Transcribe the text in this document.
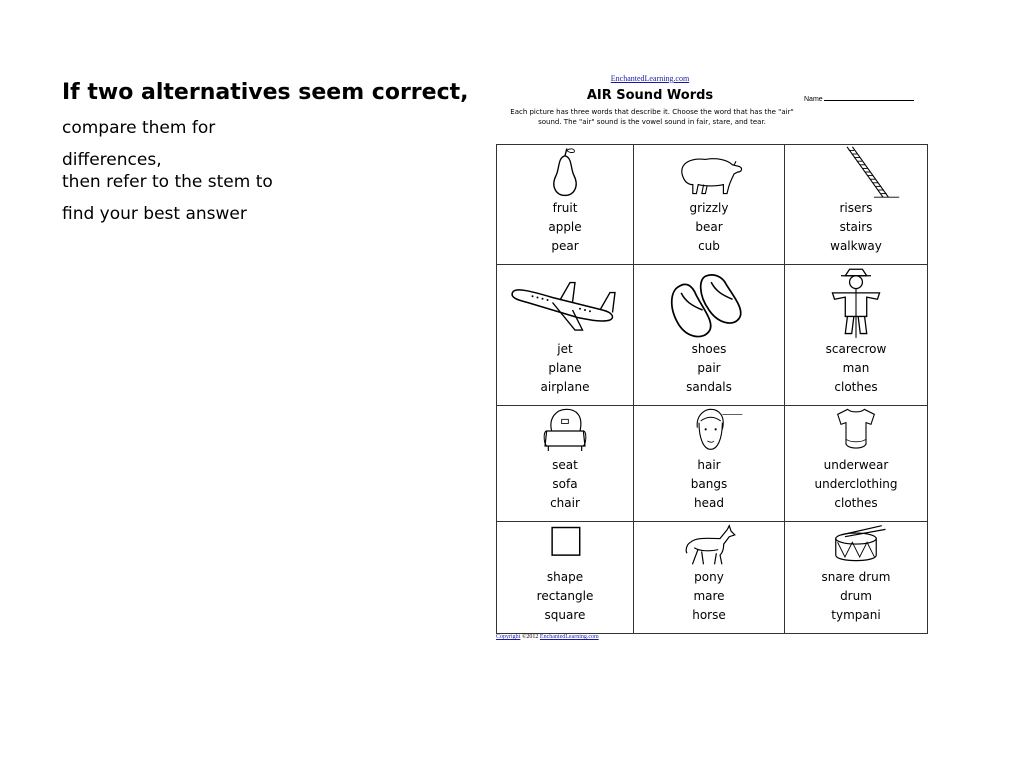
If two alternatives seem correct,

compare them for

differences,

then refer to the stem to

find your best answer

EnchantedLearning.com
AIR Sound Words	Name
Each picture has three words that describe it. Choose the word that has the "air" sound. The "air" sound is the vowel sound in fair, stare, and tear.
fruit
apple
pear
grizzly
bear
cub
risers
stairs
walkway
jet
plane
airplane
shoes
pair
sandals
scarecrow
man
clothes
seat
sofa
chair
hair
bangs
head
underwear
underclothing
clothes
shape
rectangle
square
pony
mare
horse
snare drum
drum
tympani
Copyright ©2012 EnchantedLearning.com
